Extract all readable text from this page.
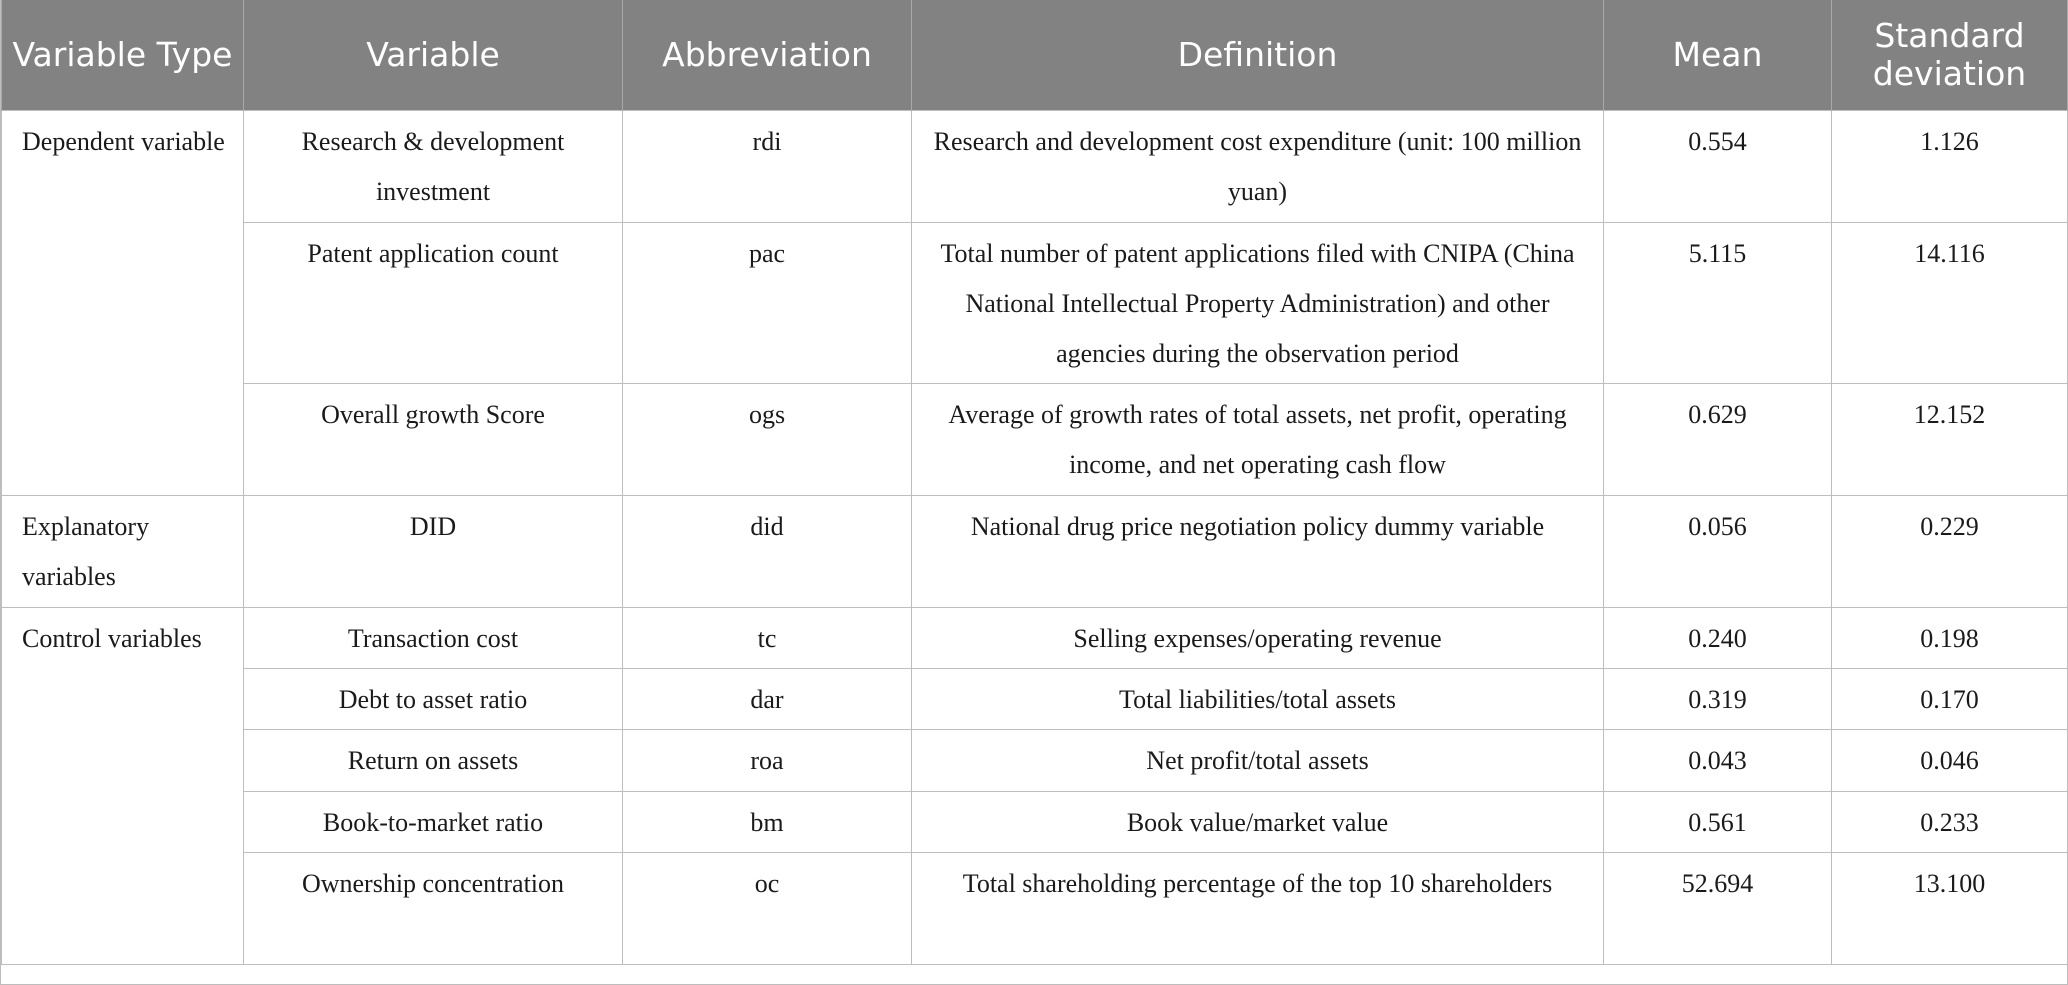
Variable Type	Variable	Abbreviation	Definition	Mean	Standard deviation
Dependent variable	Research & development investment	rdi	Research and development cost expenditure (unit: 100 million yuan)	0.554	1.126
	Patent application count	pac	Total number of patent applications filed with CNIPA (China National Intellectual Property Administration) and other agencies during the observation period	5.115	14.116
	Overall growth Score	ogs	Average of growth rates of total assets, net profit, operating income, and net operating cash flow	0.629	12.152
Explanatory variables	DID	did	National drug price negotiation policy dummy variable	0.056	0.229
Control variables	Transaction cost	tc	Selling expenses/operating revenue	0.240	0.198
	Debt to asset ratio	dar	Total liabilities/total assets	0.319	0.170
	Return on assets	roa	Net profit/total assets	0.043	0.046
	Book-to-market ratio	bm	Book value/market value	0.561	0.233
	Ownership concentration	oc	Total shareholding percentage of the top 10 shareholders	52.694	13.100
